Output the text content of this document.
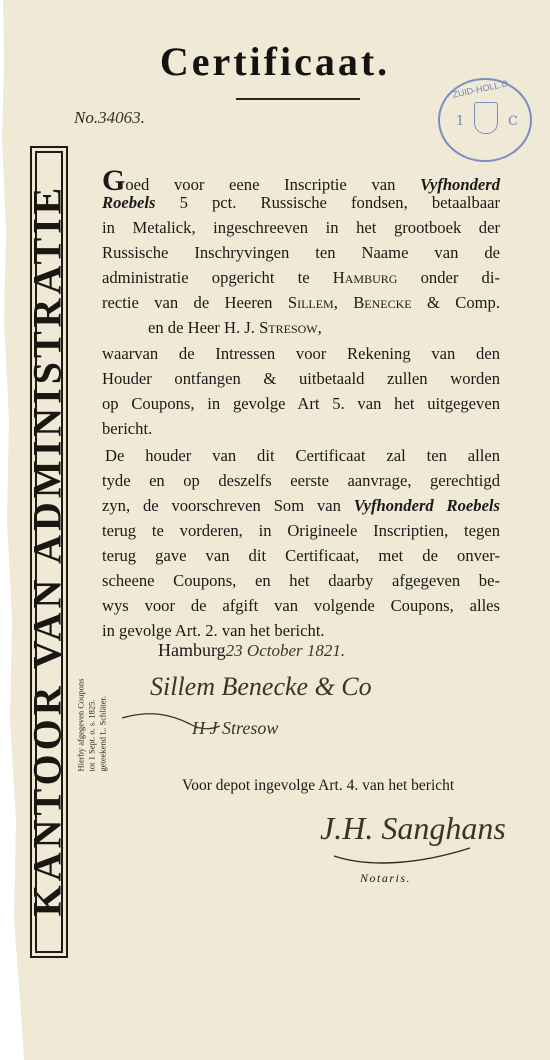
Certificaat.
No.34063.
ZUID-HOLL.D
1	C
KANTOOR VAN ADMINISTRATIE Hierby afgegeven Coupons tot 1 Sept. o. s. 1825. geteekend L. Schläter.
Goed voor eene Inscriptie van Vyfhonderd
Roebels 5 pct. Russische fondsen, betaalbaar
in Metalick, ingeschreeven in het grootboek der
Russische Inschryvingen ten Naame van de
administratie opgericht te Hamburg onder di-
rectie van de Heeren Sillem, Benecke & Comp.
en de Heer H. J. Stresow,
waarvan de Intressen voor Rekening van den
Houder ontfangen & uitbetaald zullen worden
op Coupons, in gevolge Art 5. van het uitgegeven
bericht.
De houder van dit Certificaat zal ten allen
tyde en op deszelfs eerste aanvrage, gerechtigd
zyn, de voorschreven Som van Vyfhonderd Roebels
terug te vorderen, in Origineele Inscriptien, tegen
terug gave van dit Certificaat, met de onver-
scheene Coupons, en het daarby afgegeven be-
wys voor de afgift van volgende Coupons, alles
in gevolge Art. 2. van het bericht.
Hamburg23 October 1821.
Sillem Benecke & Co
H J Stresow
Voor depot ingevolge Art. 4. van het bericht
J.H. Sanghans
Notaris.
